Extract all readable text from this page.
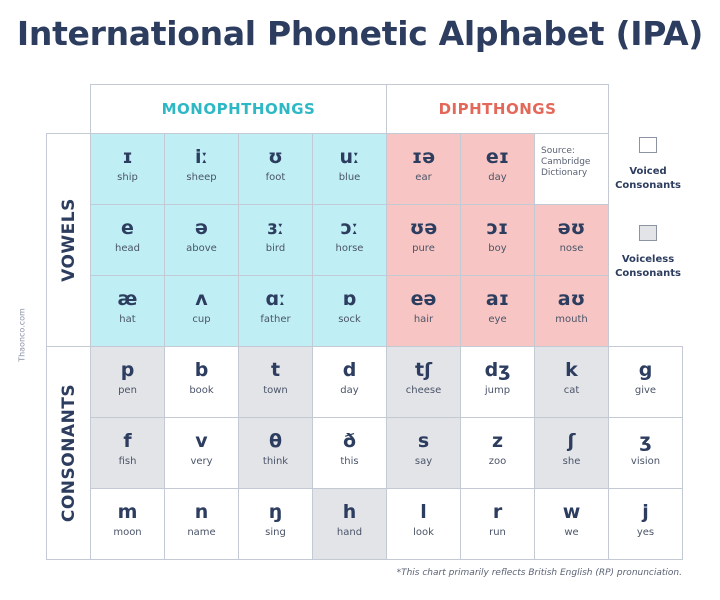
International Phonetic Alphabet (IPA)
Thaonco.com
MONOPHTHONGS	DIPHTHONGS
VOWELS
CONSONANTS
ɪ
ship
iː
sheep
ʊ
foot
uː
blue
ɪə
ear
eɪ
day
Source:
Cambridge
Dictionary
e
head
ə
above
ɜː
bird
ɔː
horse
ʊə
pure
ɔɪ
boy
əʊ
nose
æ
hat
ʌ
cup
ɑː
father
ɒ
sock
eə
hair
aɪ
eye
aʊ
mouth
p
pen
b
book
t
town
d
day
tʃ
cheese
dʒ
jump
k
cat
g
give
f
fish
v
very
θ
think
ð
this
s
say
z
zoo
ʃ
she
ʒ
vision
m
moon
n
name
ŋ
sing
h
hand
l
look
r
run
w
we
j
yes
Voiced
Consonants
Voiceless
Consonants
*This chart primarily reflects British English (RP) pronunciation.
